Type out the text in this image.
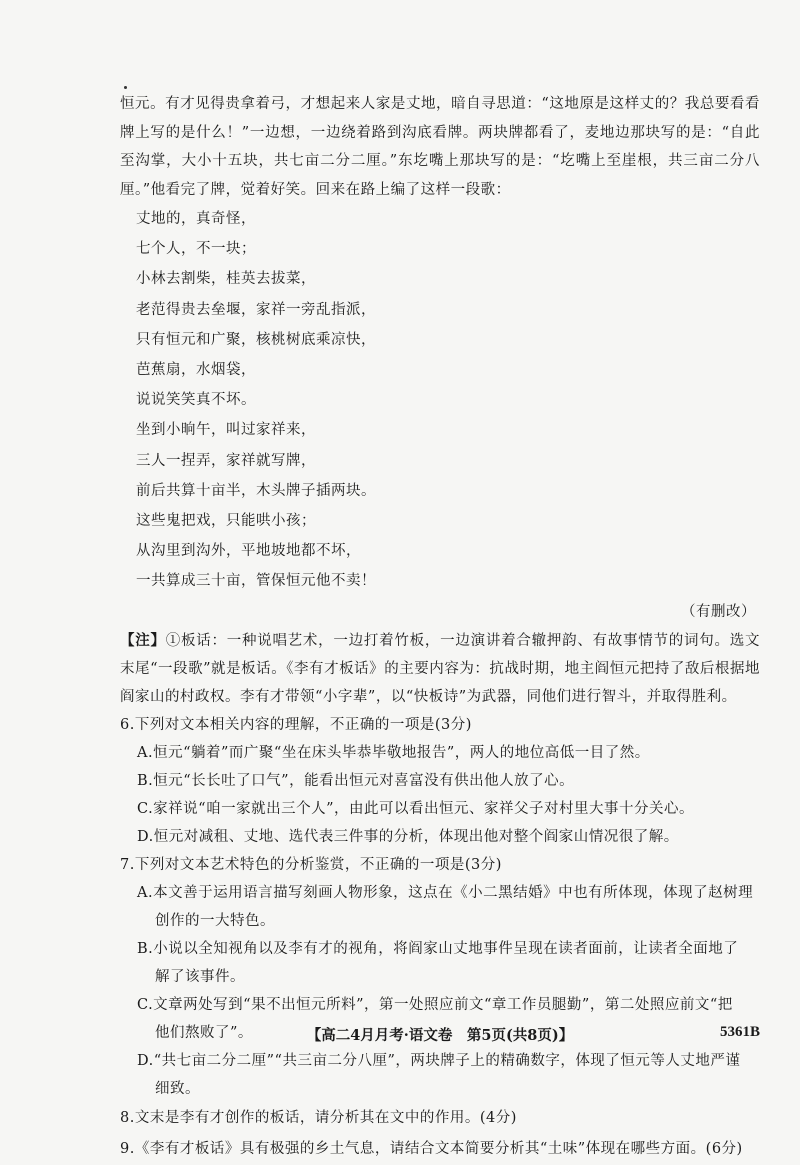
恒元。有才见得贵拿着弓，才想起来人家是丈地，暗自寻思道：“这地原是这样丈的？我总要看看牌上写的是什么！”一边想，一边绕着路到沟底看牌。两块牌都看了，麦地边那块写的是：“自此至沟掌，大小十五块，共七亩二分二厘。”东圪嘴上那块写的是：“圪嘴上至崖根，共三亩二分八厘。”他看完了牌，觉着好笑。回来在路上编了这样一段歌：

丈地的，真奇怪，
七个人，不一块；
小林去割柴，桂英去拔菜，
老范得贵去垒堰，家祥一旁乱指派，
只有恒元和广聚，核桃树底乘凉快，
芭蕉扇，水烟袋，
说说笑笑真不坏。
坐到小晌午，叫过家祥来，
三人一捏弄，家祥就写牌，
前后共算十亩半，木头牌子插两块。
这些鬼把戏，只能哄小孩；
从沟里到沟外，平地坡地都不坏，
一共算成三十亩，管保恒元他不卖！

（有删改）

【注】①板话：一种说唱艺术，一边打着竹板，一边演讲着合辙押韵、有故事情节的词句。选文末尾“一段歌”就是板话。《李有才板话》的主要内容为：抗战时期，地主阎恒元把持了敌后根据地阎家山的村政权。李有才带领“小字辈”，以“快板诗”为武器，同他们进行智斗，并取得胜利。

6.下列对文本相关内容的理解，不正确的一项是(3分)

A.恒元“躺着”而广聚“坐在床头毕恭毕敬地报告”，两人的地位高低一目了然。

B.恒元“长长吐了口气”，能看出恒元对喜富没有供出他人放了心。

C.家祥说“咱一家就出三个人”，由此可以看出恒元、家祥父子对村里大事十分关心。

D.恒元对减租、丈地、选代表三件事的分析，体现出他对整个阎家山情况很了解。

7.下列对文本艺术特色的分析鉴赏，不正确的一项是(3分)

A.本文善于运用语言描写刻画人物形象，这点在《小二黑结婚》中也有所体现，体现了赵树理
创作的一大特色。
B.小说以全知视角以及李有才的视角，将阎家山丈地事件呈现在读者面前，让读者全面地了
解了该事件。
C.文章两处写到“果不出恒元所料”，第一处照应前文“章工作员腿勤”，第二处照应前文“把
他们熬败了”。
D.“共七亩二分二厘”“共三亩二分八厘”，两块牌子上的精确数字，体现了恒元等人丈地严谨
细致。

8.文末是李有才创作的板话，请分析其在文中的作用。(4分)

9.《李有才板话》具有极强的乡土气息，请结合文本简要分析其“土味”体现在哪些方面。(6分)

【高二4月月考·语文卷　第5页(共8页)】	5361B
